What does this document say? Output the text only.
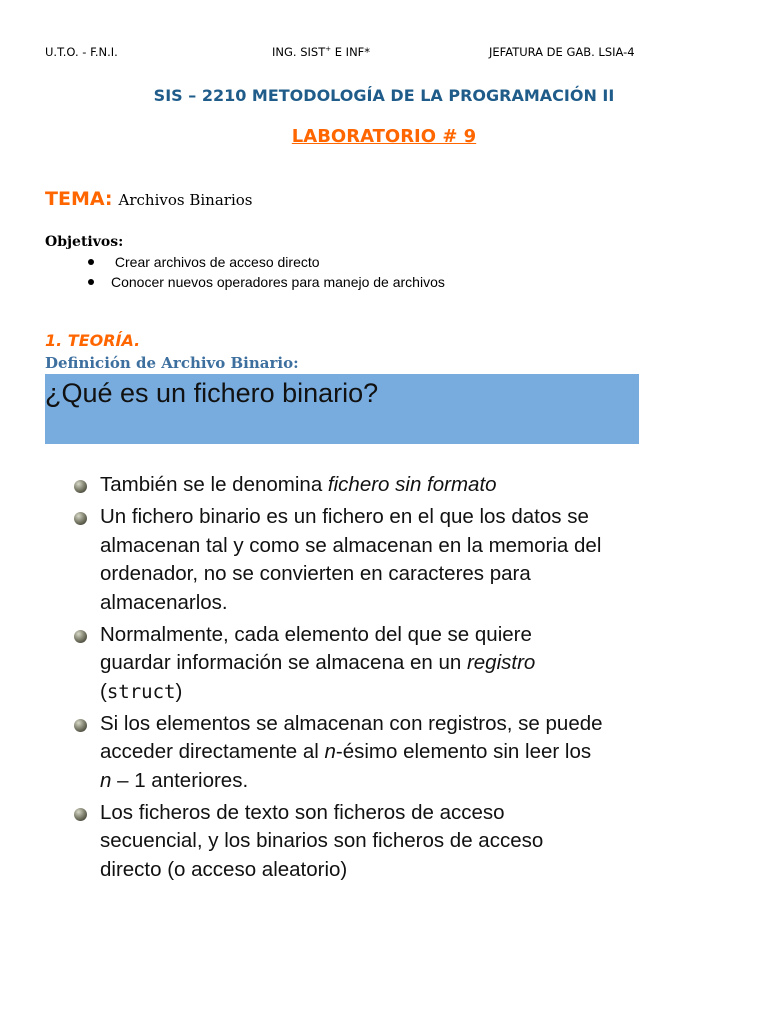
U.T.O. - F.N.I.	ING. SIST+ E INF*	JEFATURA DE GAB. LSIA-4
SIS – 2210 METODOLOGÍA DE LA PROGRAMACIÓN II
LABORATORIO # 9
TEMA: Archivos Binarios
Objetivos:
Crear archivos de acceso directo
Conocer nuevos operadores para manejo de archivos
1. TEORÍA.
Definición de Archivo Binario:
¿Qué es un fichero binario?
También se le denomina fichero sin formato
Un fichero binario es un fichero en el que los datos se
almacenan tal y como se almacenan en la memoria del
ordenador, no se convierten en caracteres para
almacenarlos.
Normalmente, cada elemento del que se quiere
guardar información se almacena en un registro
(struct)
Si los elementos se almacenan con registros, se puede
acceder directamente al n-ésimo elemento sin leer los
n – 1 anteriores.
Los ficheros de texto son ficheros de acceso
secuencial, y los binarios son ficheros de acceso
directo (o acceso aleatorio)
